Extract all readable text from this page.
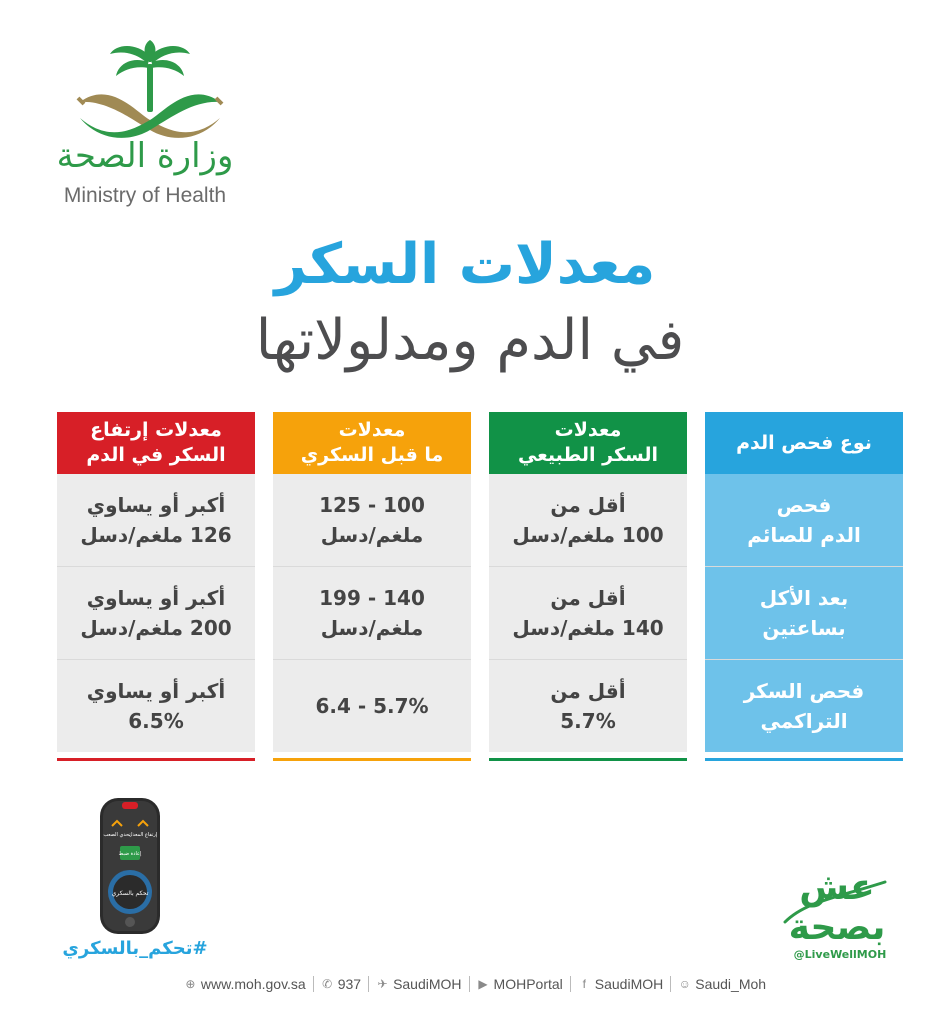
وزارة الصحة
Ministry of Health
معدلات السكر
في الدم ومدلولاتها
نوع فحص الدم
فحص
الدم للصائم
بعد الأكل
بساعتين
فحص السكر
التراكمي
معدلات
السكر الطبيعي
أقل من
100 ملغم/دسل
أقل من
140 ملغم/دسل
أقل من
5.7%
معدلات
ما قبل السكري
100 - 125
ملغم/دسل
140 - 199
ملغم/دسل
5.7% - 6.4
معدلات إرتفاع
السكر في الدم
أكبر أو يساوي
126 ملغم/دسل
أكبر أو يساوي
200 ملغم/دسل
أكبر أو يساوي
6.5%
تحدي الصعب
إرتفاع المعدل
إعادة ضبط
تحكم بالسكري
#تحكم_بالسكري
عش
بصحة
@LiveWellMOH
⊕ www.moh.gov.sa ✆ 937 ✈ SaudiMOH ▶ MOHPortal	f SaudiMOH ☺ Saudi_Moh
